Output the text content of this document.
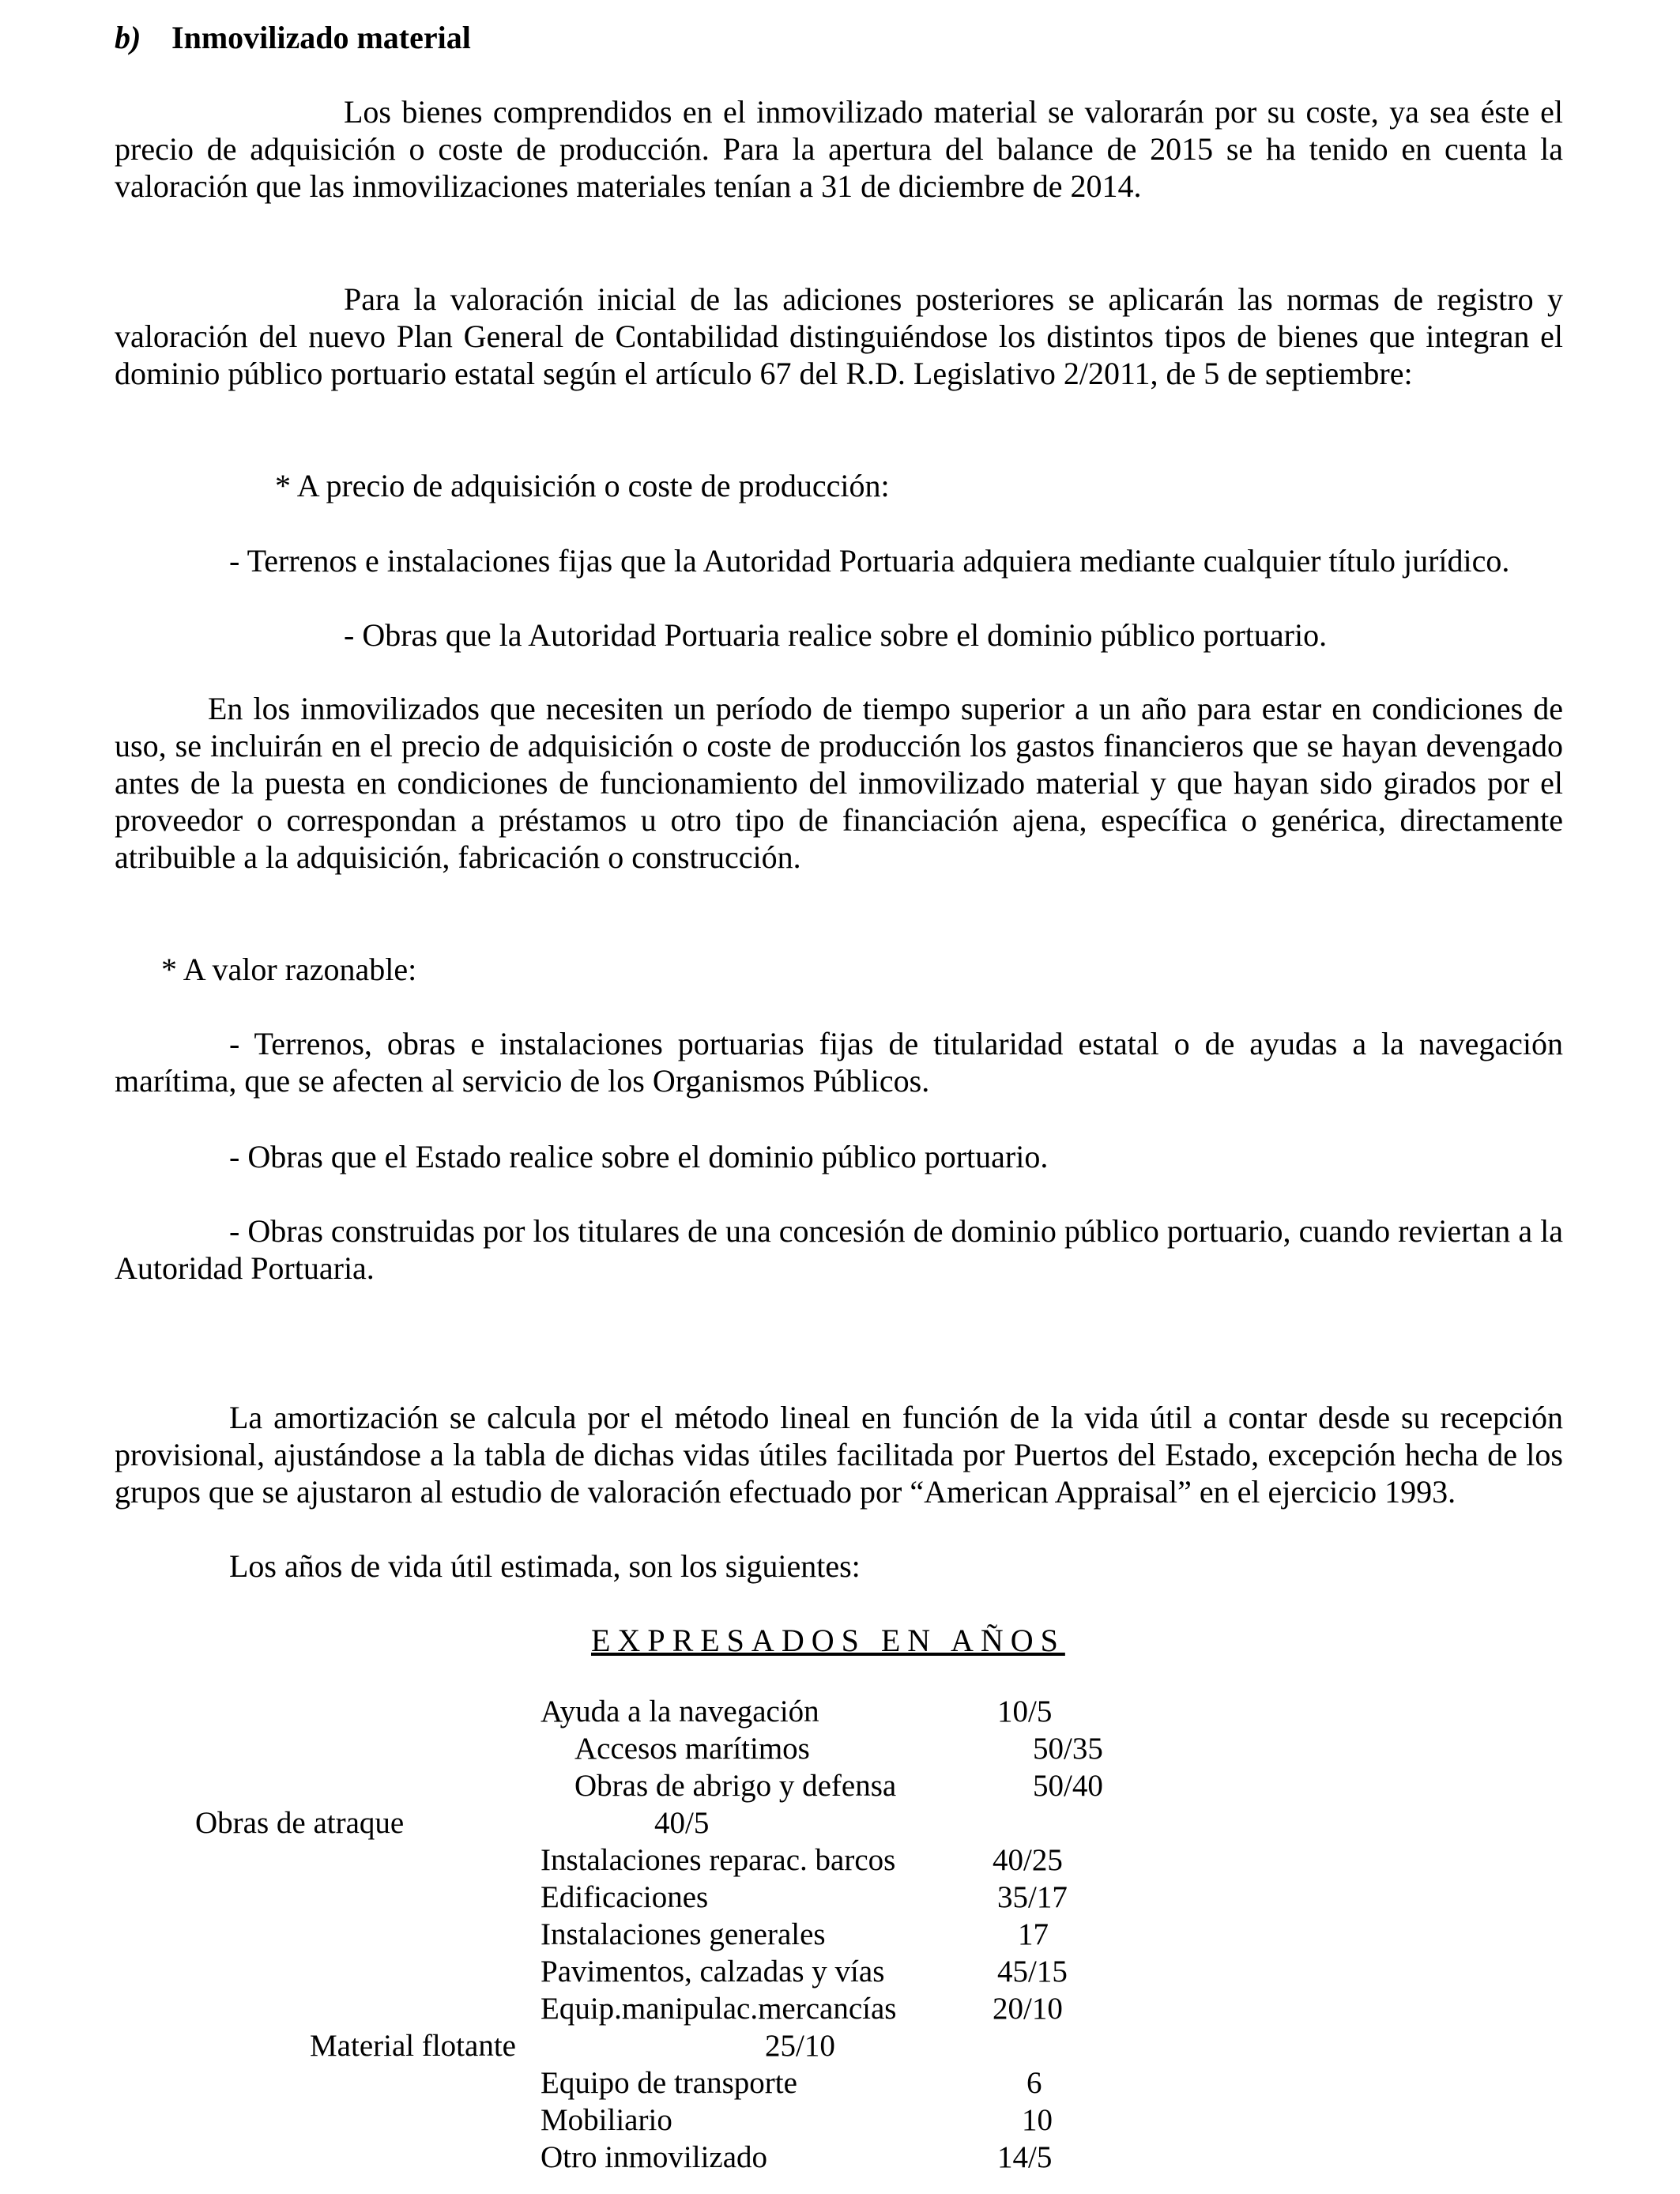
b) Inmovilizado material

Los bienes comprendidos en el inmovilizado material se valorarán por su coste, ya sea éste el precio de adquisición o coste de producción. Para la apertura del balance de 2015 se ha tenido en cuenta la valoración que las inmovilizaciones materiales tenían a 31 de diciembre de 2014.

Para la valoración inicial de las adiciones posteriores se aplicarán las normas de registro y valoración del nuevo Plan General de Contabilidad distinguiéndose los distintos tipos de bienes que integran el dominio público portuario estatal según el artículo 67 del R.D. Legislativo 2/2011, de 5 de septiembre:

* A precio de adquisición o coste de producción:

- Terrenos e instalaciones fijas que la Autoridad Portuaria adquiera mediante cualquier título jurídico.

- Obras que la Autoridad Portuaria realice sobre el dominio público portuario.

En los inmovilizados que necesiten un período de tiempo superior a un año para estar en condiciones de uso, se incluirán en el precio de adquisición o coste de producción los gastos financieros que se hayan devengado antes de la puesta en condiciones de funcionamiento del inmovilizado material y que hayan sido girados por el proveedor o correspondan a préstamos u otro tipo de financiación ajena, específica o genérica, directamente atribuible a la adquisición, fabricación o construcción.

* A valor razonable:

- Terrenos, obras e instalaciones portuarias fijas de titularidad estatal o de ayudas a la navegación marítima, que se afecten al servicio de los Organismos Públicos.

- Obras que el Estado realice sobre el dominio público portuario.

- Obras construidas por los titulares de una concesión de dominio público portuario, cuando reviertan a la Autoridad Portuaria.

La amortización se calcula por el método lineal en función de la vida útil a contar desde su recepción provisional, ajustándose a la tabla de dichas vidas útiles facilitada por Puertos del Estado, excepción hecha de los grupos que se ajustaron al estudio de valoración efectuado por “American Appraisal” en el ejercicio 1993.

Los años de vida útil estimada, son los siguientes:

EXPRESADOS EN AÑOS
Ayuda a la navegación	10/5
Accesos marítimos	50/35
Obras de abrigo y defensa	50/40
Obras de atraque	40/5
Instalaciones reparac. barcos	40/25
Edificaciones	35/17
Instalaciones generales	17
Pavimentos, calzadas y vías	45/15
Equip.manipulac.mercancías	20/10
Material flotante	25/10
Equipo de transporte	6
Mobiliario	10
Otro inmovilizado	14/5
